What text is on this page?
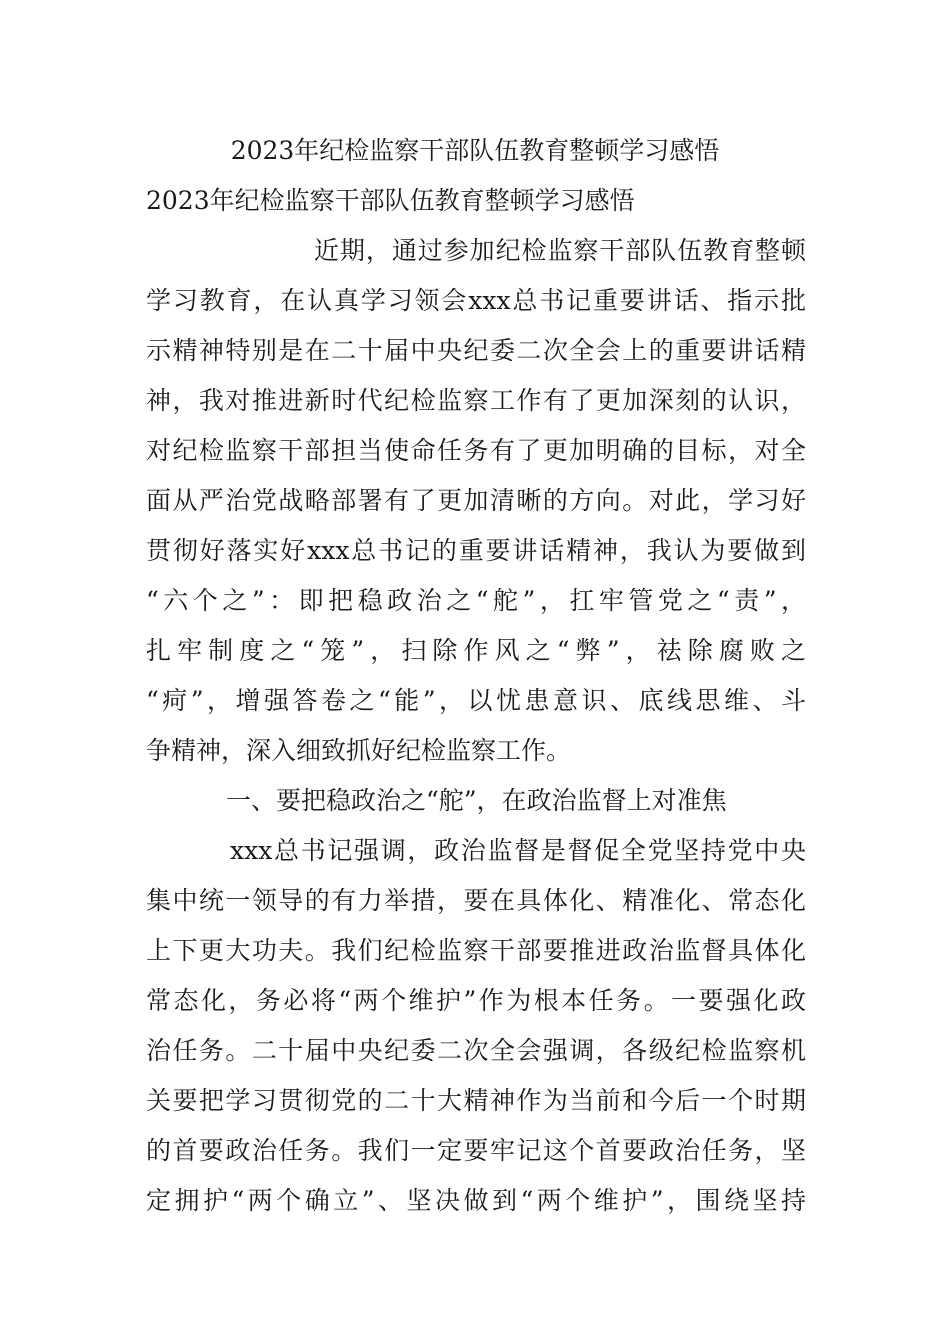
2023年纪检监察干部队伍教育整顿学习感悟
2023年纪检监察干部队伍教育整顿学习感悟
近期，通过参加纪检监察干部队伍教育整顿
学习教育，在认真学习领会xxx总书记重要讲话、指示批
示精神特别是在二十届中央纪委二次全会上的重要讲话精
神，我对推进新时代纪检监察工作有了更加深刻的认识，
对纪检监察干部担当使命任务有了更加明确的目标，对全
面从严治党战略部署有了更加清晰的方向。对此，学习好
贯彻好落实好xxx总书记的重要讲话精神，我认为要做到
“六个之”：即把稳政治之“舵”，扛牢管党之“责”，
扎牢制度之“笼”，扫除作风之“弊”，祛除腐败之
“疴”，增强答卷之“能”，以忧患意识、底线思维、斗
争精神，深入细致抓好纪检监察工作。
一、要把稳政治之“舵”，在政治监督上对准焦
xxx总书记强调，政治监督是督促全党坚持党中央
集中统一领导的有力举措，要在具体化、精准化、常态化
上下更大功夫。我们纪检监察干部要推进政治监督具体化
常态化，务必将“两个维护”作为根本任务。一要强化政
治任务。二十届中央纪委二次全会强调，各级纪检监察机
关要把学习贯彻党的二十大精神作为当前和今后一个时期
的首要政治任务。我们一定要牢记这个首要政治任务，坚
定拥护“两个确立”、坚决做到“两个维护”，围绕坚持
